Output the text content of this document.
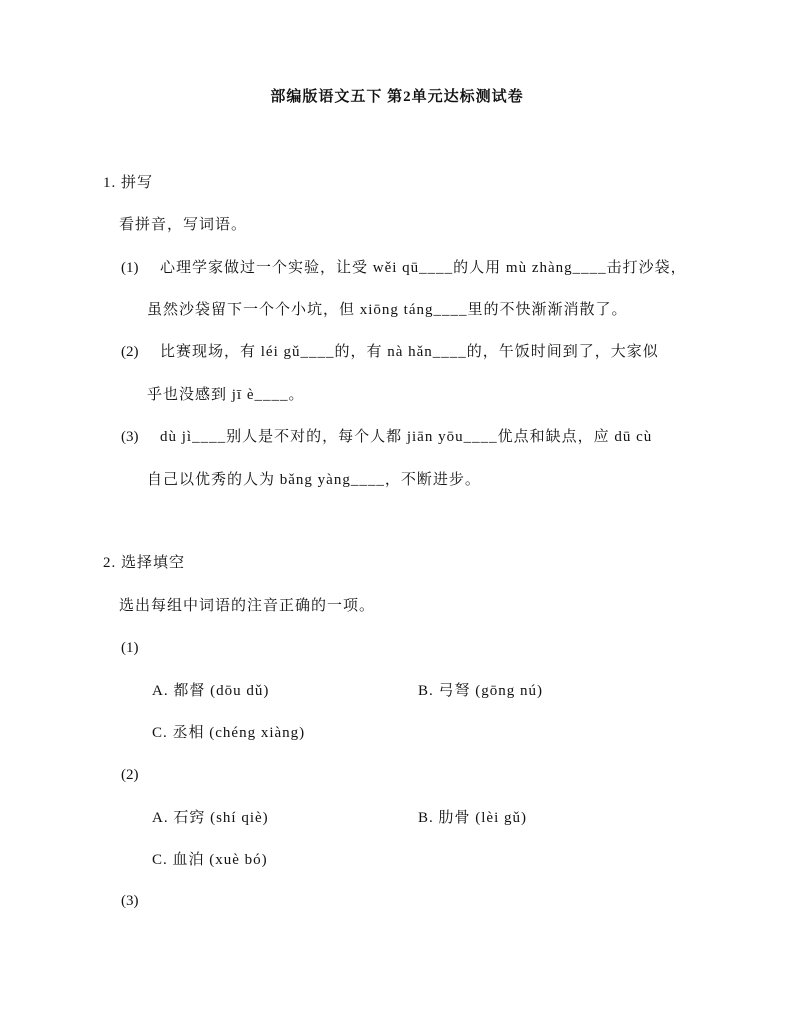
部编版语文五下 第2单元达标测试卷
1. 拼写
看拼音，写词语。
(1) 心理学家做过一个实验，让受 wěi qū____的人用 mù zhàng____击打沙袋，
虽然沙袋留下一个个小坑，但 xiōng táng____里的不快渐渐消散了。
(2) 比赛现场，有 léi gǔ____的，有 nà hǎn____的，午饭时间到了，大家似
乎也没感到 jī è____。
(3) dù jì____别人是不对的，每个人都 jiān yōu____优点和缺点，应 dū cù
自己以优秀的人为 bǎng yàng____，不断进步。
2. 选择填空
选出每组中词语的注音正确的一项。
(1)
A. 都督 (dōu dǔ)	B. 弓弩 (gōng nú)
C. 丞相 (chéng xiàng)
(2)
A. 石窍 (shí qiè)	B. 肋骨 (lèi gǔ)
C. 血泊 (xuè bó)
(3)
